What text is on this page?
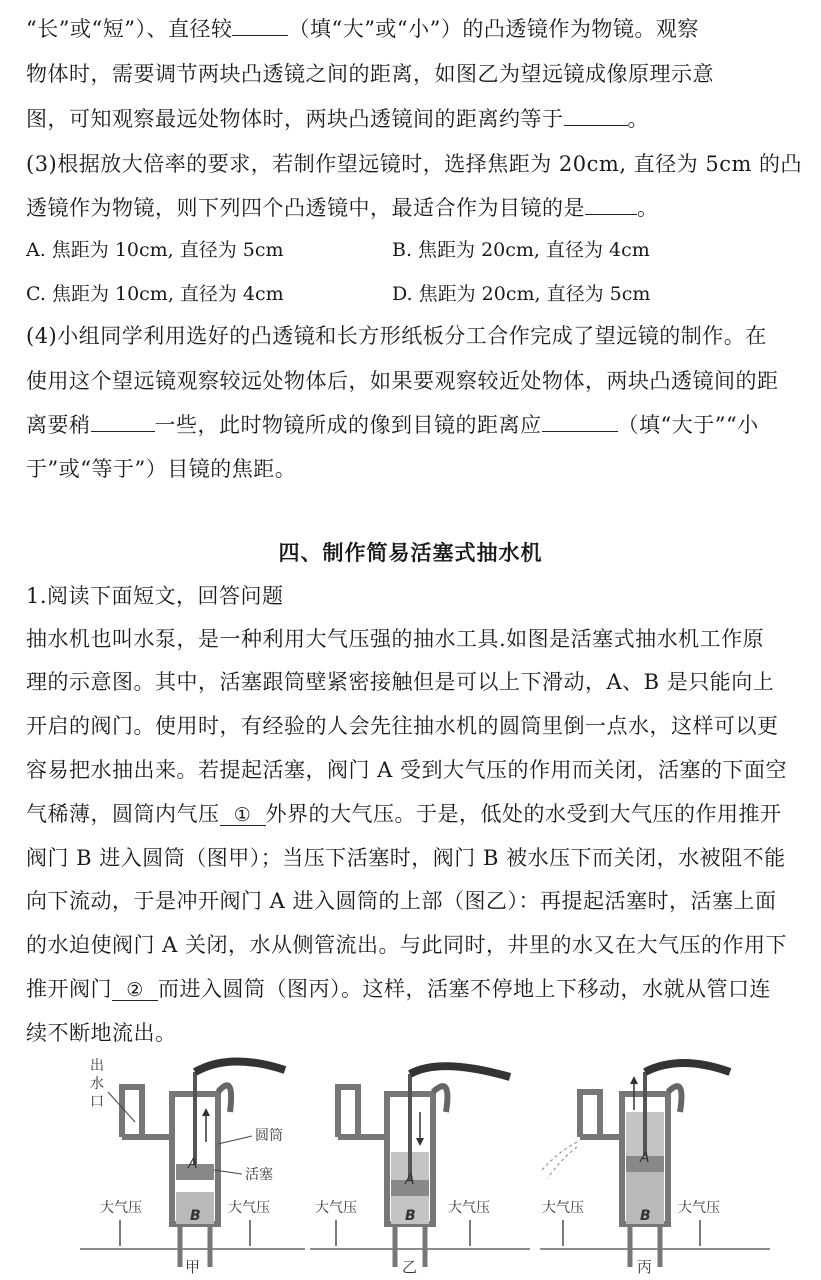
“长”或“短”）、直径较	（填“大”或“小”）的凸透镜作为物镜。观察
物体时，需要调节两块凸透镜之间的距离，如图乙为望远镜成像原理示意
图，可知观察最远处物体时，两块凸透镜间的距离约等于	。
(3)根据放大倍率的要求，若制作望远镜时，选择焦距为 20cm, 直径为 5cm 的凸
透镜作为物镜，则下列四个凸透镜中，最适合作为目镜的是 。
A. 焦距为 10cm, 直径为 5cm	B. 焦距为 20cm, 直径为 4cm
C. 焦距为 10cm, 直径为 4cm	D. 焦距为 20cm, 直径为 5cm
(4)小组同学利用选好的凸透镜和长方形纸板分工合作完成了望远镜的制作。在
使用这个望远镜观察较远处物体后，如果要观察较近处物体，两块凸透镜间的距
离要稍	一些，此时物镜所成的像到目镜的距离应	（填“大于”“小
于”或“等于”）目镜的焦距。
四、制作简易活塞式抽水机
1.阅读下面短文，回答问题
抽水机也叫水泵，是一种利用大气压强的抽水工具.如图是活塞式抽水机工作原
理的示意图。其中，活塞跟筒壁紧密接触但是可以上下滑动，A、B 是只能向上
开启的阀门。使用时，有经验的人会先往抽水机的圆筒里倒一点水，这样可以更
容易把水抽出来。若提起活塞，阀门 A 受到大气压的作用而关闭，活塞的下面空
气稀薄，圆筒内气压 ① 外界的大气压。于是，低处的水受到大气压的作用推开
阀门 B 进入圆筒（图甲）；当压下活塞时，阀门 B 被水压下而关闭，水被阻不能
向下流动，于是冲开阀门 A 进入圆筒的上部（图乙）：再提起活塞时，活塞上面
的水迫使阀门 A 关闭，水从侧管流出。与此同时，井里的水又在大气压的作用下
推开阀门 ② 而进入圆筒（图丙）。这样，活塞不停地上下移动，水就从管口连
续不断地流出。
出
水
口
圆筒
活塞
A
B
大气压	大气压
甲
A
B
大气压	大气压
乙
A
B
大气压	大气压
丙
